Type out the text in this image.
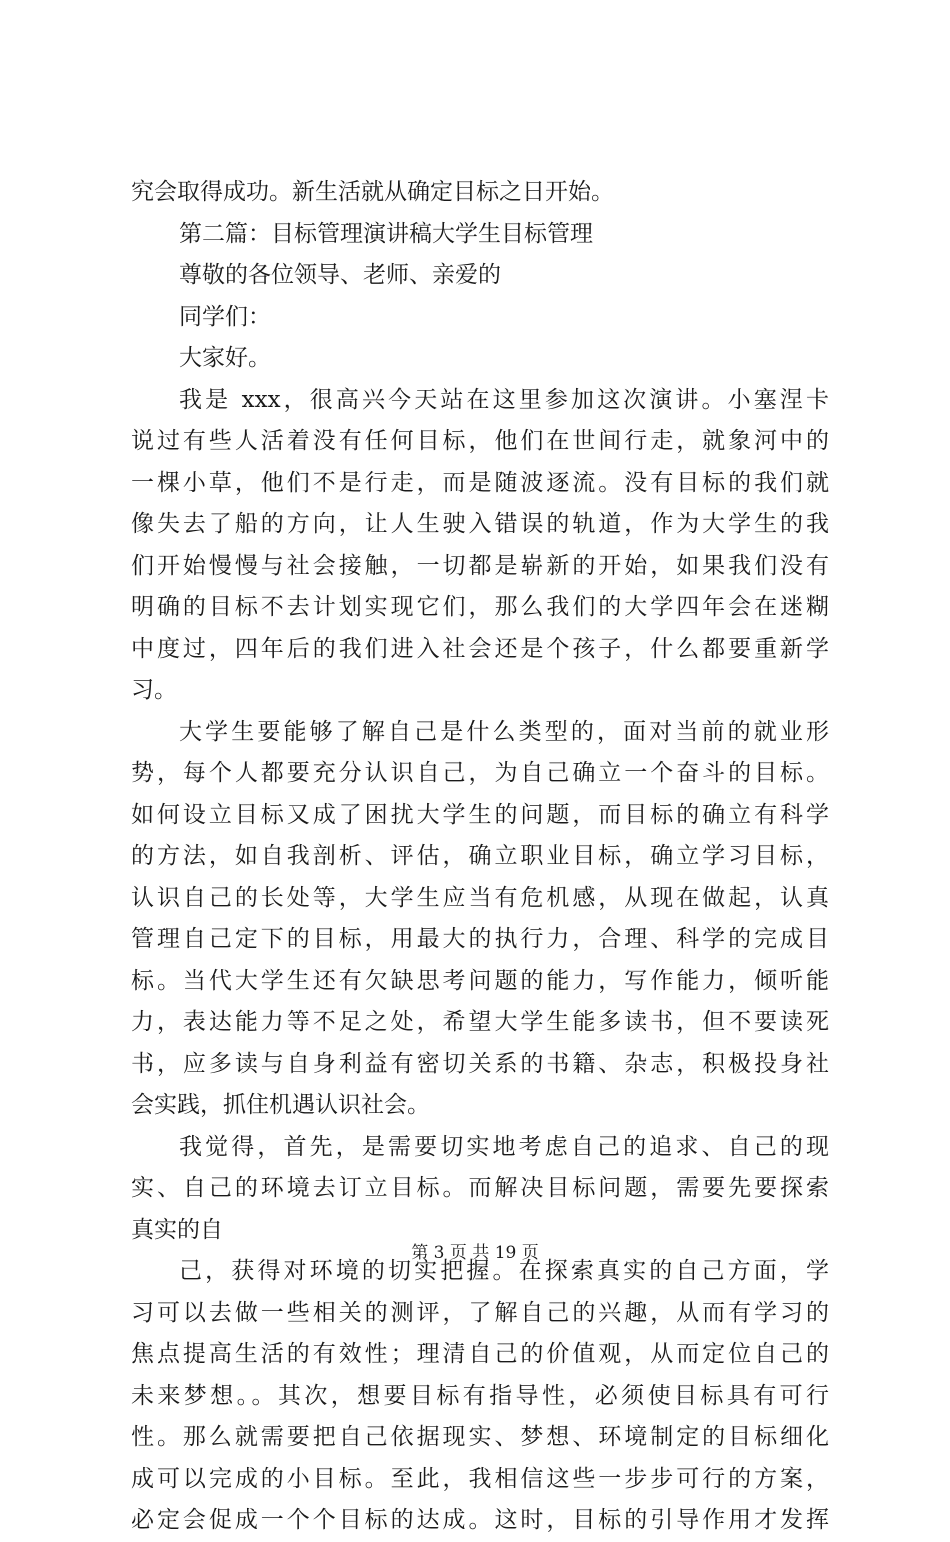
究会取得成功。新生活就从确定目标之日开始。
第二篇：目标管理演讲稿大学生目标管理
尊敬的各位领导、老师、亲爱的
同学们：
大家好。
我是 xxx，很高兴今天站在这里参加这次演讲。小塞涅卡
说过有些人活着没有任何目标，他们在世间行走，就象河中的
一棵小草，他们不是行走，而是随波逐流。没有目标的我们就
像失去了船的方向，让人生驶入错误的轨道，作为大学生的我
们开始慢慢与社会接触，一切都是崭新的开始，如果我们没有
明确的目标不去计划实现它们，那么我们的大学四年会在迷糊
中度过，四年后的我们进入社会还是个孩子，什么都要重新学
习。
大学生要能够了解自己是什么类型的，面对当前的就业形
势，每个人都要充分认识自己，为自己确立一个奋斗的目标。
如何设立目标又成了困扰大学生的问题，而目标的确立有科学
的方法，如自我剖析、评估，确立职业目标，确立学习目标，
认识自己的长处等，大学生应当有危机感，从现在做起，认真
管理自己定下的目标，用最大的执行力，合理、科学的完成目
标。当代大学生还有欠缺思考问题的能力，写作能力，倾听能
力，表达能力等不足之处，希望大学生能多读书，但不要读死
书，应多读与自身利益有密切关系的书籍、杂志，积极投身社
会实践，抓住机遇认识社会。
我觉得，首先，是需要切实地考虑自己的追求、自己的现
实、自己的环境去订立目标。而解决目标问题，需要先要探索
真实的自
己，获得对环境的切实把握。在探索真实的自己方面，学
习可以去做一些相关的测评，了解自己的兴趣，从而有学习的
焦点提高生活的有效性；理清自己的价值观，从而定位自己的
未来梦想。。其次，想要目标有指导性，必须使目标具有可行
性。那么就需要把自己依据现实、梦想、环境制定的目标细化
成可以完成的小目标。至此，我相信这些一步步可行的方案，
必定会促成一个个目标的达成。这时，目标的引导作用才发挥
第 3 页 共 19 页
